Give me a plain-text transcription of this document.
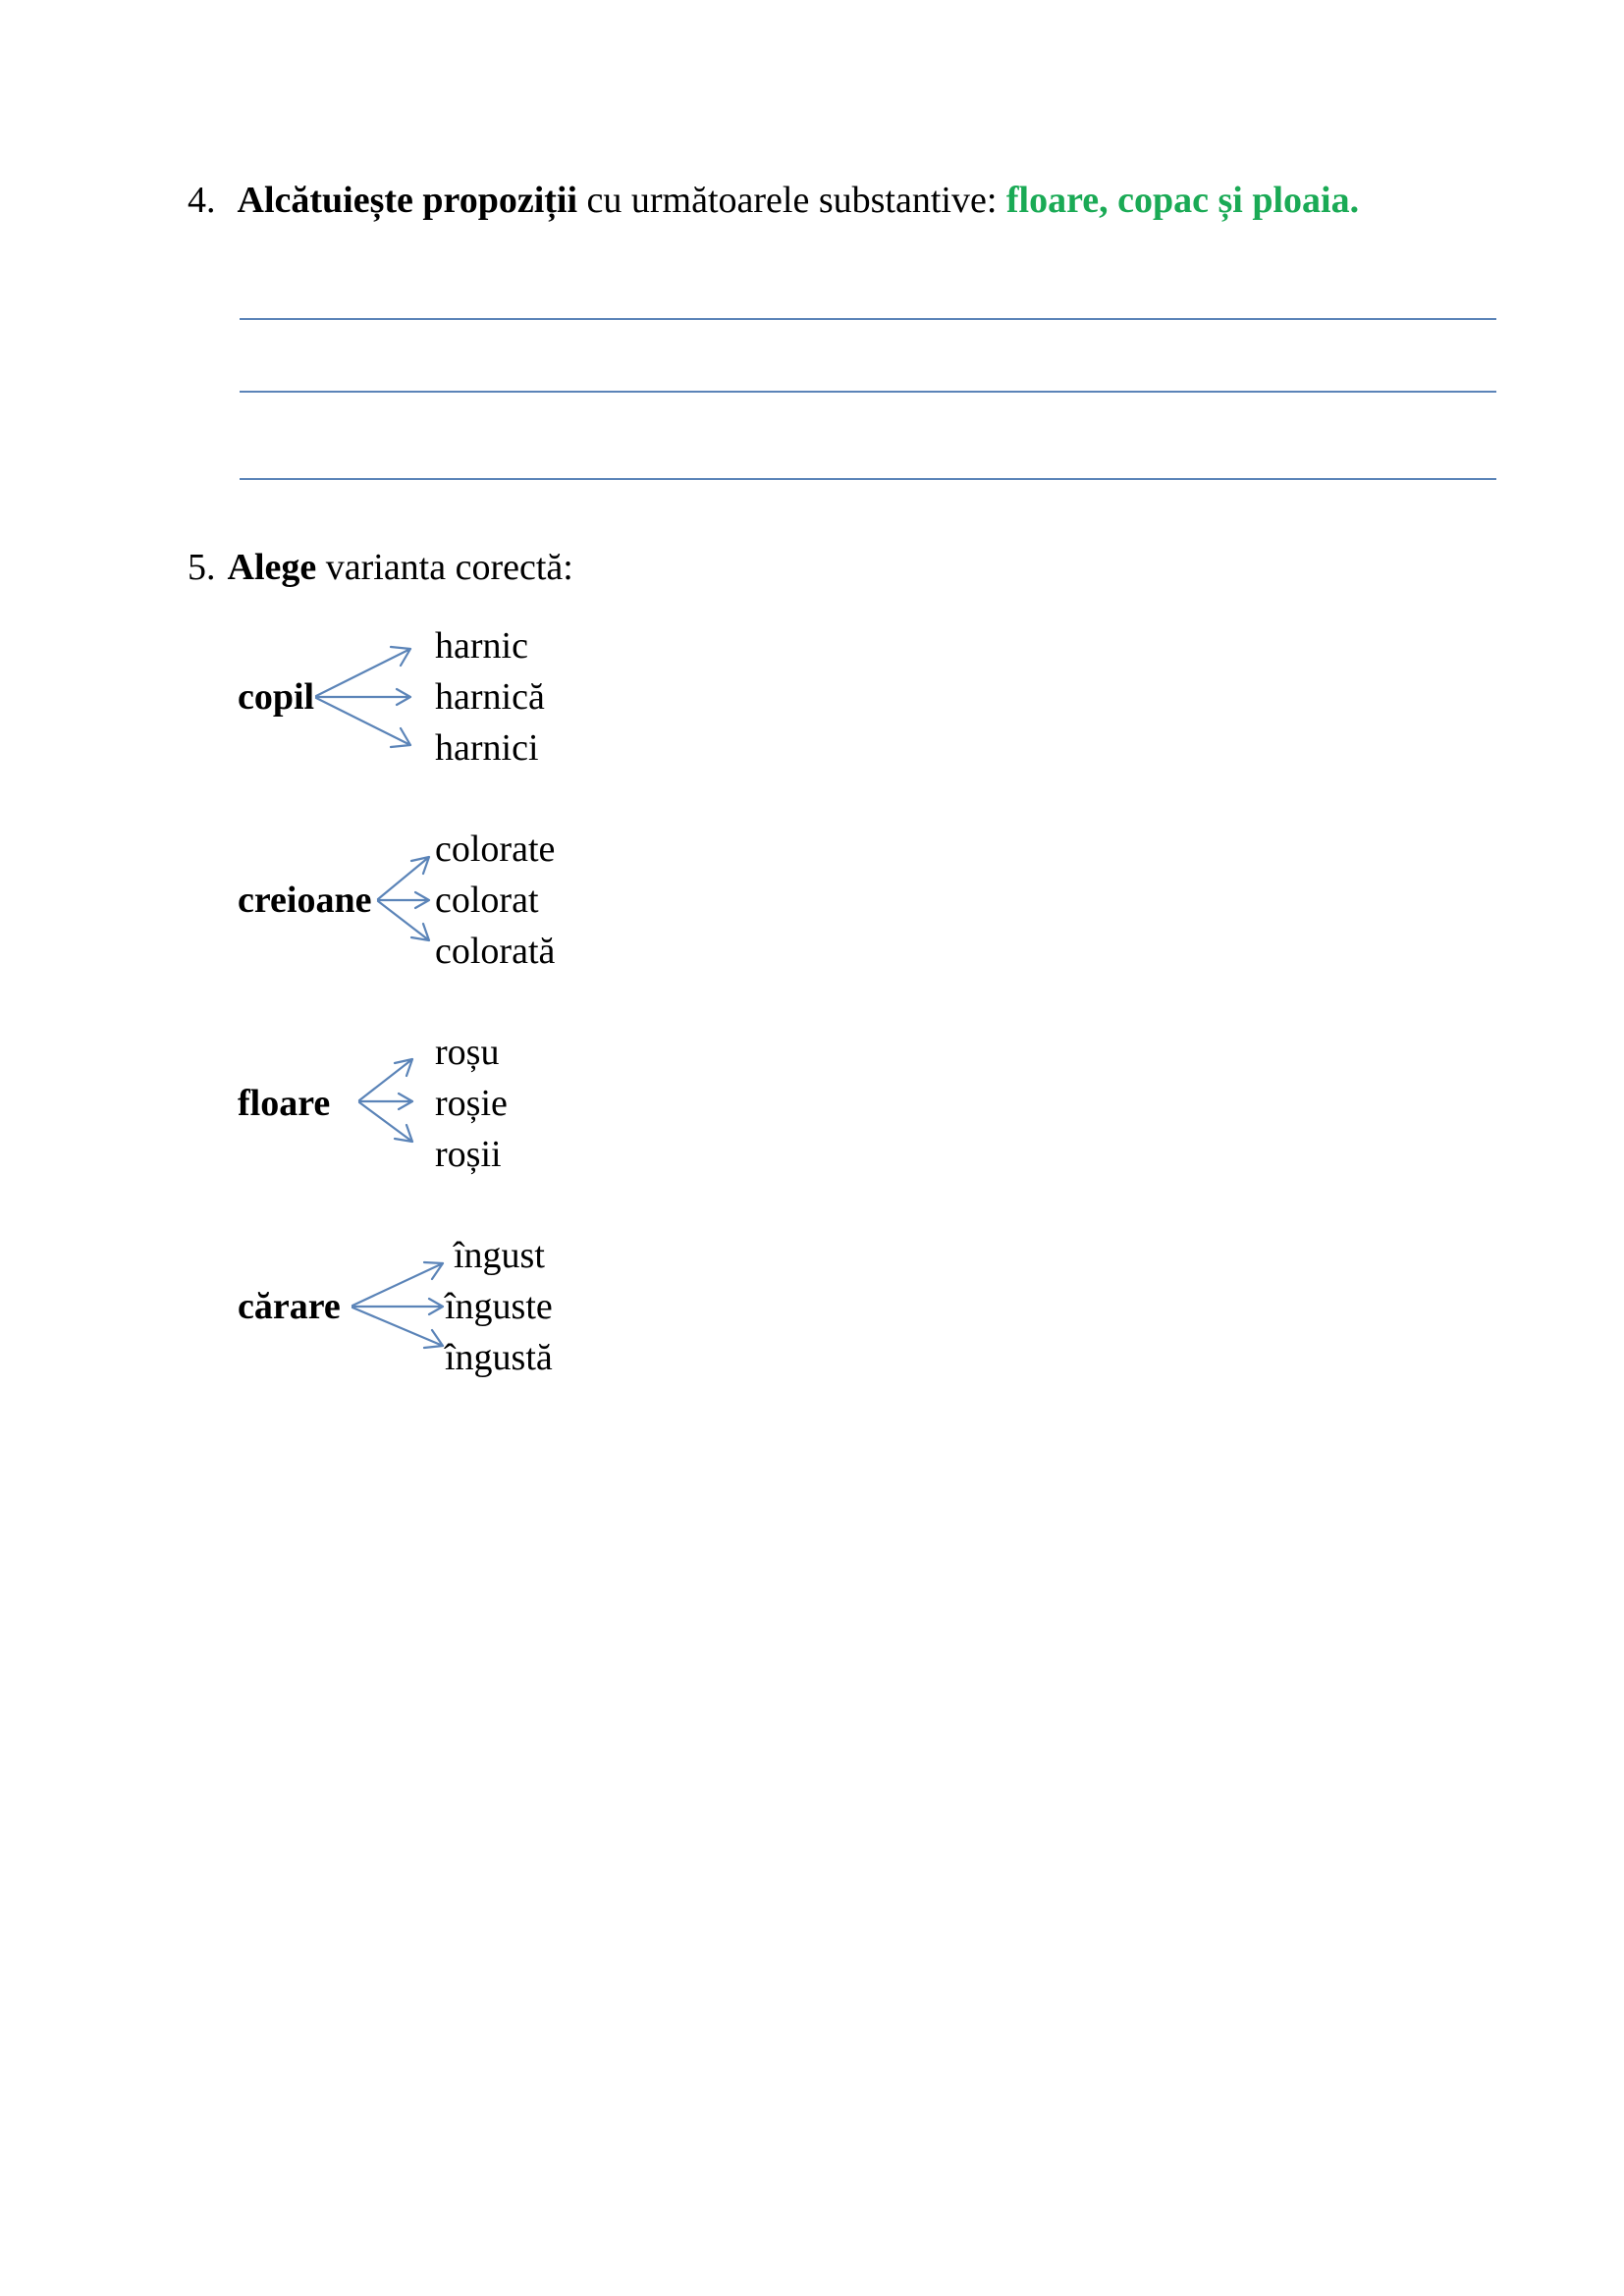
4. Alcătuiește propoziții cu următoarele substantive: floare, copac și ploaia.
5. Alege varianta corectă:
copil
harnic
harnică
harnici
creioane
colorate
colorat
colorată
floare
roșu
roșie
roșii
cărare
îngust
înguste
îngustă
